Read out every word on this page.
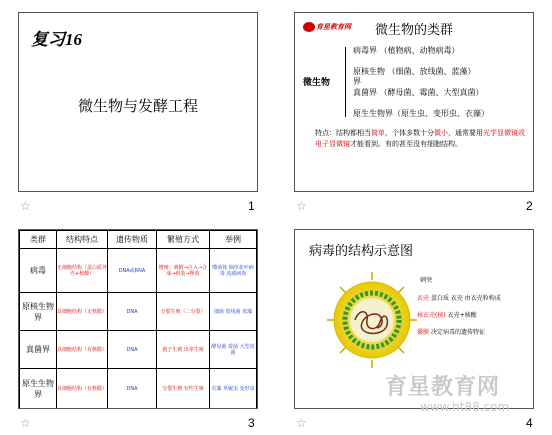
复习16
微生物与发酵工程
☆	1
育星教育网 微生物的类群
微生物
病毒界 （植物病、动物病毒）
原核生物 （细菌、放线菌、蓝藻）
界
真菌界 （酵母菌、霉菌、大型真菌）
原生生物界（原生虫、变形虫、衣藻）
特点：结构都相当简单，个体多数十分微小，通常要用光学显微镜或电子显微镜才能看到。有的甚至没有细胞结构。
☆	2
类群	结构特点	遗传物质	繁殖方式	举例
病毒	无细胞结构（蛋白质外壳+核酸）	DNA或RNA	增殖：吸附→注入→合成→组装→释放	噬菌体 烟草花叶病毒 流感病毒
原核生物界	具细胞结构（无核膜）	DNA	分裂生殖（二分裂）	细菌 放线菌 蓝藻
真菌界	具细胞结构（有核膜）	DNA	孢子生殖 出芽生殖	酵母菌 霉菌 大型真菌
原生生物界	具细胞结构（有核膜）	DNA	分裂生殖 有性生殖	衣藻 草履虫 变形虫
☆	3
病毒的结构示意图
刺突
衣壳 蛋白质 衣壳 由衣壳粒构成
核衣壳(核) 衣壳+核酸
囊膜 决定病毒的遗传特征
☆	4
育星教育网
www.ht88.com
